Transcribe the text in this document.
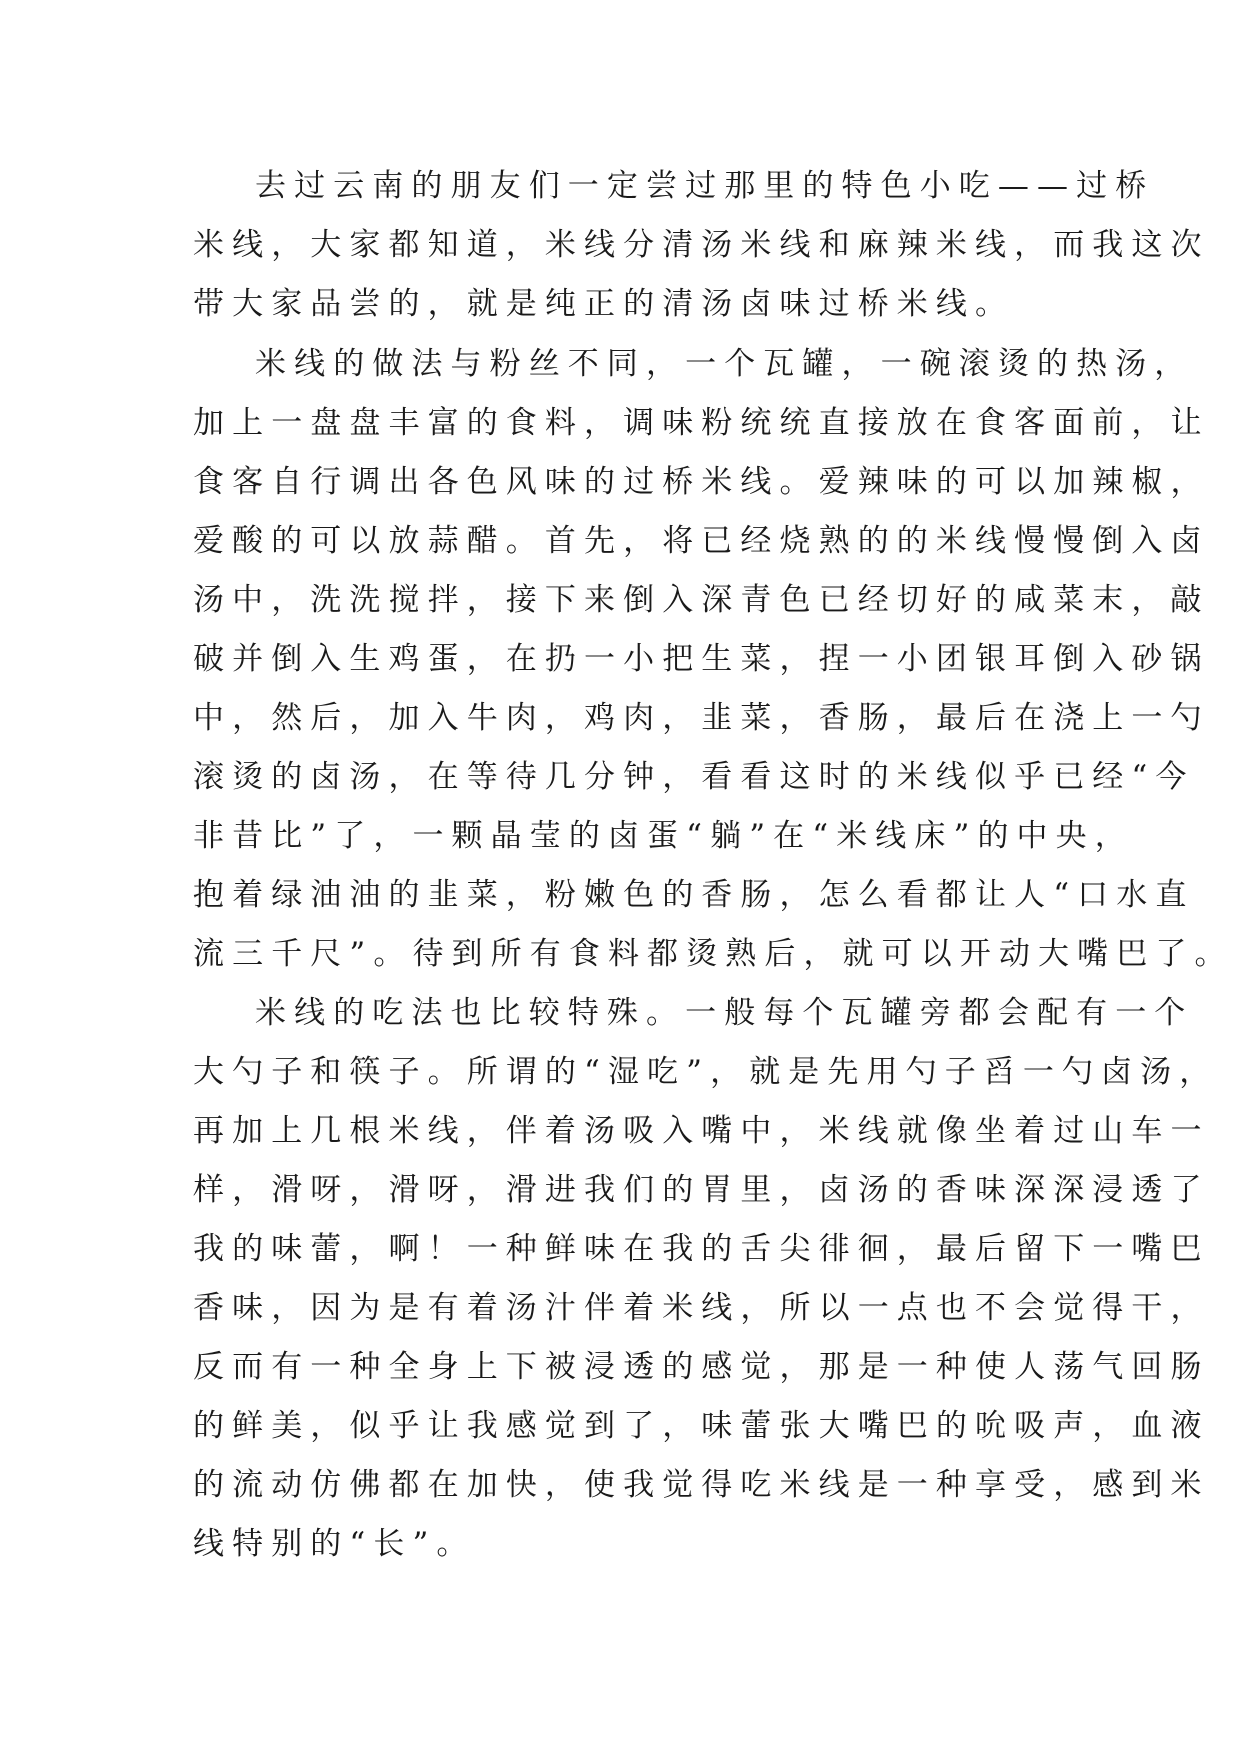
去过云南的朋友们一定尝过那里的特色小吃——过桥

米线，大家都知道，米线分清汤米线和麻辣米线，而我这次

带大家品尝的，就是纯正的清汤卤味过桥米线。

米线的做法与粉丝不同，一个瓦罐，一碗滚烫的热汤，

加上一盘盘丰富的食料，调味粉统统直接放在食客面前，让

食客自行调出各色风味的过桥米线。爱辣味的可以加辣椒，

爱酸的可以放蒜醋。首先，将已经烧熟的的米线慢慢倒入卤

汤中，洗洗搅拌，接下来倒入深青色已经切好的咸菜末，敲

破并倒入生鸡蛋，在扔一小把生菜，捏一小团银耳倒入砂锅

中，然后，加入牛肉，鸡肉，韭菜，香肠，最后在浇上一勺

滚烫的卤汤，在等待几分钟，看看这时的米线似乎已经“今

非昔比”了，一颗晶莹的卤蛋“躺”在“米线床”的中央，

抱着绿油油的韭菜，粉嫩色的香肠，怎么看都让人“口水直

流三千尺”。待到所有食料都烫熟后，就可以开动大嘴巴了。

米线的吃法也比较特殊。一般每个瓦罐旁都会配有一个

大勺子和筷子。所谓的“湿吃”，就是先用勺子舀一勺卤汤，

再加上几根米线，伴着汤吸入嘴中，米线就像坐着过山车一

样，滑呀，滑呀，滑进我们的胃里，卤汤的香味深深浸透了

我的味蕾，啊！一种鲜味在我的舌尖徘徊，最后留下一嘴巴

香味，因为是有着汤汁伴着米线，所以一点也不会觉得干，

反而有一种全身上下被浸透的感觉，那是一种使人荡气回肠

的鲜美，似乎让我感觉到了，味蕾张大嘴巴的吮吸声，血液

的流动仿佛都在加快，使我觉得吃米线是一种享受，感到米

线特别的“长”。
